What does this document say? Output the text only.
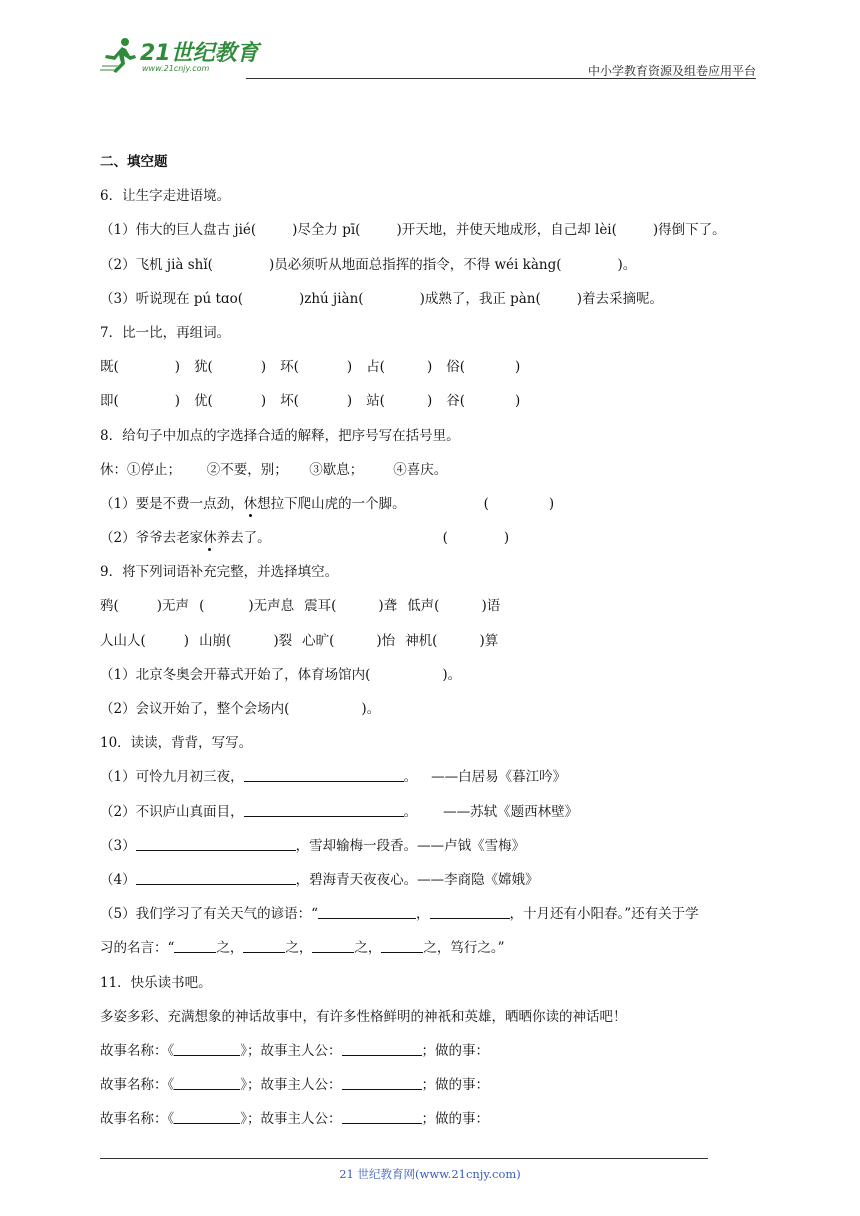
21世纪教育
www.21cnjy.com	中小学教育资源及组卷应用平台
二、填空题
6．让生字走进语境。
（1）伟大的巨人盘古 jié(	)尽全力 pī(	)开天地，并使天地成形，自己却 lèi(	)得倒下了。
（2）飞机 jià shǐ(	)员必须听从地面总指挥的指令，不得 wéi kàng(	)。
（3）听说现在 pú tɑo(	)zhú jiàn(	)成熟了，我正 pàn(	)着去采摘呢。
7．比一比，再组词。
既(	) 犹(	) 环(	) 占(	) 俗(	)
即(	) 优(	) 坏(	) 站(	) 谷(	)
8．给句子中加点的字选择合适的解释，把序号写在括号里。
休：①停止；      ②不要，别；     ③歇息；       ④喜庆。
（1）要是不费一点劲，休想拉下爬山虎的一个脚。	(	)
（2）爷爷去老家休养去了。	(	)
9．将下列词语补充完整，并选择填空。
鸦(	)无声 (	)无声息 震耳(	)聋 低声(	)语
人山人(	) 山崩(	)裂 心旷(	)怡 神机(	)算
（1）北京冬奥会开幕式开始了，体育场馆内(	)。
（2）会议开始了，整个会场内(	)。
10．读读，背背，写写。
（1）可怜九月初三夜，	。 ——白居易《暮江吟》
（2）不识庐山真面目，	。 ——苏轼《题西林壁》
（3）	，雪却输梅一段香。——卢钺《雪梅》
（4）	，碧海青天夜夜心。——李商隐《嫦娥》
（5）我们学习了有关天气的谚语：“	，	，十月还有小阳春。”还有关于学
习的名言：“	之，	之，	之，	之，笃行之。”
11．快乐读书吧。
多姿多彩、充满想象的神话故事中，有许多性格鲜明的神祇和英雄，晒晒你读的神话吧！
故事名称：《	》；故事主人公：	；做的事：
故事名称：《	》；故事主人公：	；做的事：
故事名称：《	》；故事主人公：	；做的事：
21 世纪教育网(www.21cnjy.com)
